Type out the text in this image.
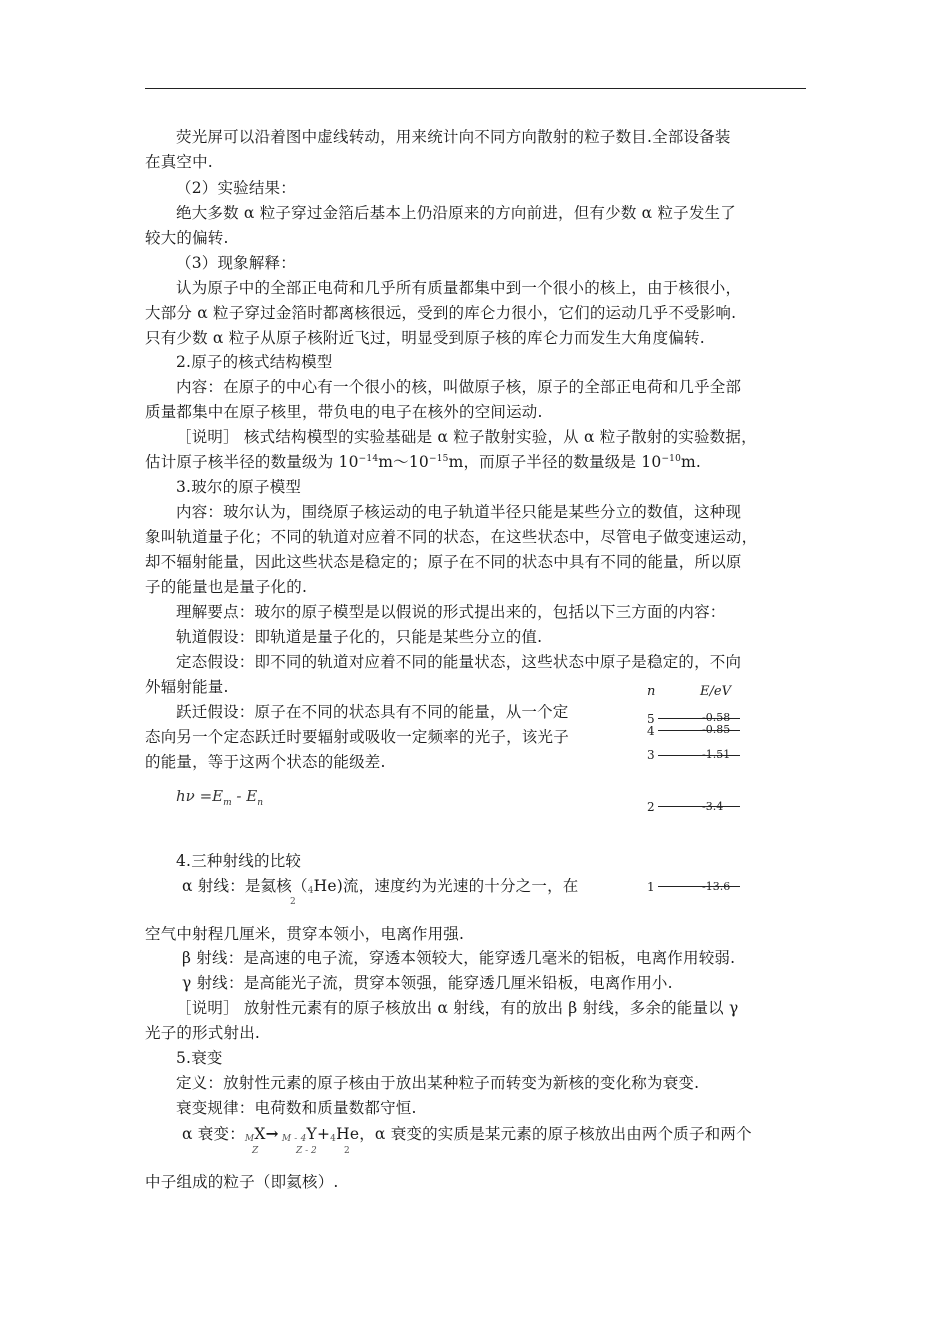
荧光屏可以沿着图中虚线转动，用来统计向不同方向散射的粒子数目.全部设备装
在真空中.
（2）实验结果：
绝大多数 α 粒子穿过金箔后基本上仍沿原来的方向前进，但有少数 α 粒子发生了
较大的偏转.
（3）现象解释：
认为原子中的全部正电荷和几乎所有质量都集中到一个很小的核上，由于核很小，
大部分 α 粒子穿过金箔时都离核很远，受到的库仑力很小，它们的运动几乎不受影响.
只有少数 α 粒子从原子核附近飞过，明显受到原子核的库仑力而发生大角度偏转.
2.原子的核式结构模型
内容：在原子的中心有一个很小的核，叫做原子核，原子的全部正电荷和几乎全部
质量都集中在原子核里，带负电的电子在核外的空间运动.
［说明］ 核式结构模型的实验基础是 α 粒子散射实验，从 α 粒子散射的实验数据，
估计原子核半径的数量级为 $10^{-14}m\sim 10^{-15}m$，而原子半径的数量级是 $10^{-10}m$.
3.玻尔的原子模型
内容：玻尔认为，围绕原子核运动的电子轨道半径只能是某些分立的数值，这种现
象叫轨道量子化；不同的轨道对应着不同的状态，在这些状态中，尽管电子做变速运动，
却不辐射能量，因此这些状态是稳定的；原子在不同的状态中具有不同的能量，所以原
子的能量也是量子化的.
理解要点：玻尔的原子模型是以假说的形式提出来的，包括以下三方面的内容：
轨道假设：即轨道是量子化的，只能是某些分立的值.
定态假设：即不同的轨道对应着不同的能量状态，这些状态中原子是稳定的，不向
外辐射能量.
跃迁假设：原子在不同的状态具有不同的能量，从一个定
态向另一个定态跃迁时要辐射或吸收一定频率的光子，该光子
的能量，等于这两个状态的能级差.
$h\nu =E_m - E_n$
4.三种射线的比较
α 射线：是氦核（4He)流，速度约为光速的十分之一，在
2
空气中射程几厘米，贯穿本领小，电离作用强.
β 射线：是高速的电子流，穿透本领较大，能穿透几毫米的铝板，电离作用较弱.
γ 射线：是高能光子流，贯穿本领强，能穿透几厘米铅板，电离作用小.
［说明］ 放射性元素有的原子核放出 α 射线，有的放出 β 射线，多余的能量以 γ
光子的形式射出.
5.衰变
定义：放射性元素的原子核由于放出某种粒子而转变为新核的变化称为衰变.
衰变规律：电荷数和质量数都守恒.
α 衰变：MX→ M - 4Y+4He，α 衰变的实质是某元素的原子核放出由两个质子和两个
Z	Z - 2	2
中子组成的粒子（即氦核）.
n	E/eV
5	-0.58
4	-0.85
3	-1.51
2	-3.4
1	-13.6
